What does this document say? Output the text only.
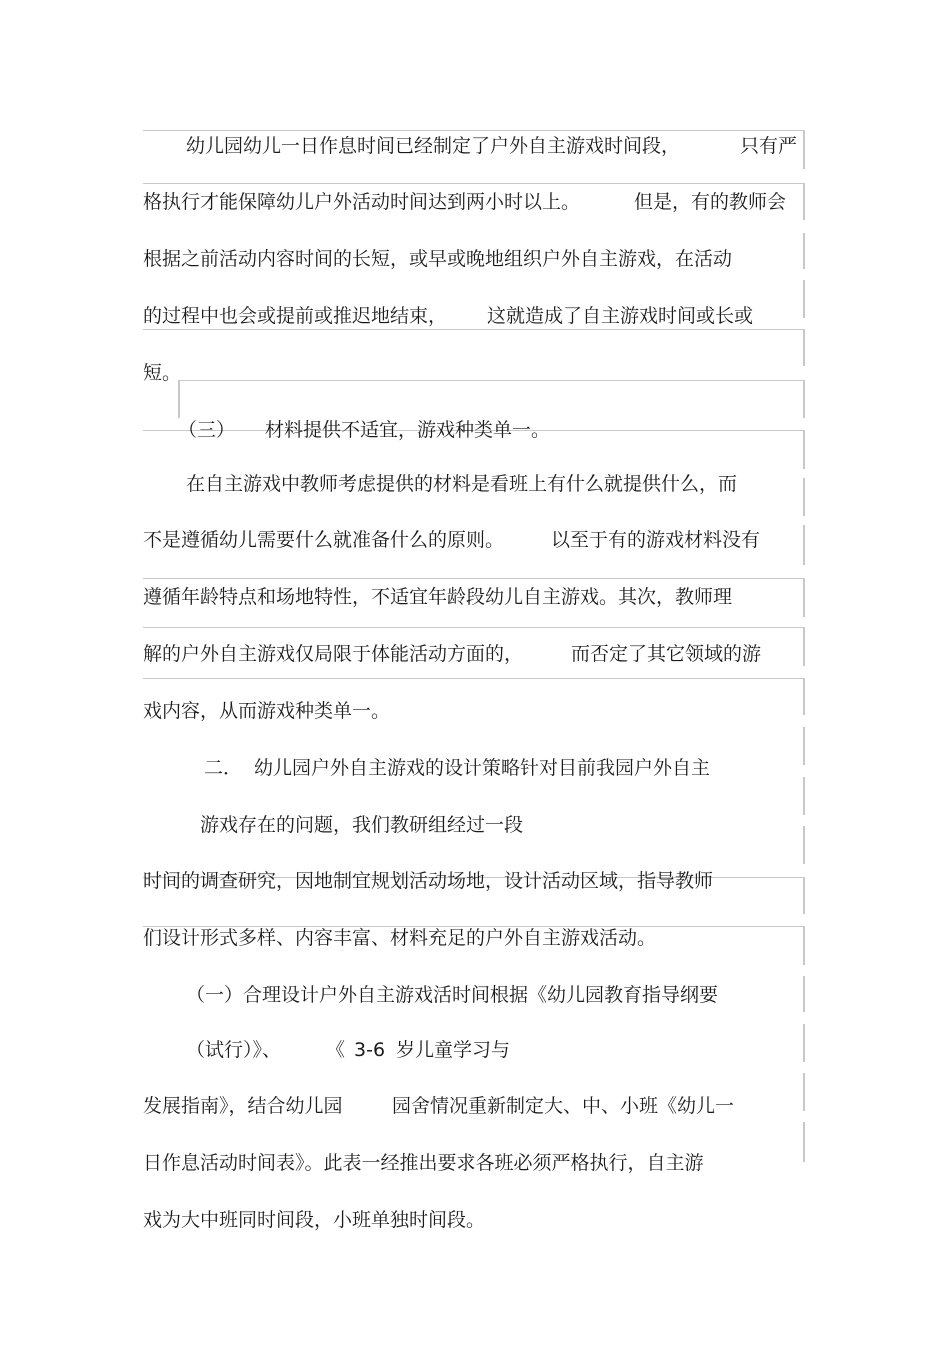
幼儿园幼儿一日作息时间已经制定了户外自主游戏时间段，	只有严
格执行才能保障幼儿户外活动时间达到两小时以上。	但是，有的教师会
根据之前活动内容时间的长短，或早或晚地组织户外自主游戏，在活动
的过程中也会或提前或推迟地结束， 这就造成了自主游戏时间或长或
短。
（三） 材料提供不适宜，游戏种类单一。
在自主游戏中教师考虑提供的材料是看班上有什么就提供什么，而
不是遵循幼儿需要什么就准备什么的原则。 以至于有的游戏材料没有
遵循年龄特点和场地特性，不适宜年龄段幼儿自主游戏。其次，教师理
解的户外自主游戏仅局限于体能活动方面的，	而否定了其它领域的游
戏内容，从而游戏种类单一。
二． 幼儿园户外自主游戏的设计策略针对目前我园户外自主
游戏存在的问题，我们教研组经过一段
时间的调查研究，因地制宜规划活动场地，设计活动区域，指导教师
们设计形式多样、内容丰富、材料充足的户外自主游戏活动。
（一）合理设计户外自主游戏活时间根据《幼儿园教育指导纲要
（试行）》、 《 3-6 岁儿童学习与
发展指南》，结合幼儿园	园舍情况重新制定大、中、小班《幼儿一
日作息活动时间表》。此表一经推出要求各班必须严格执行，自主游
戏为大中班同时间段，小班单独时间段。
